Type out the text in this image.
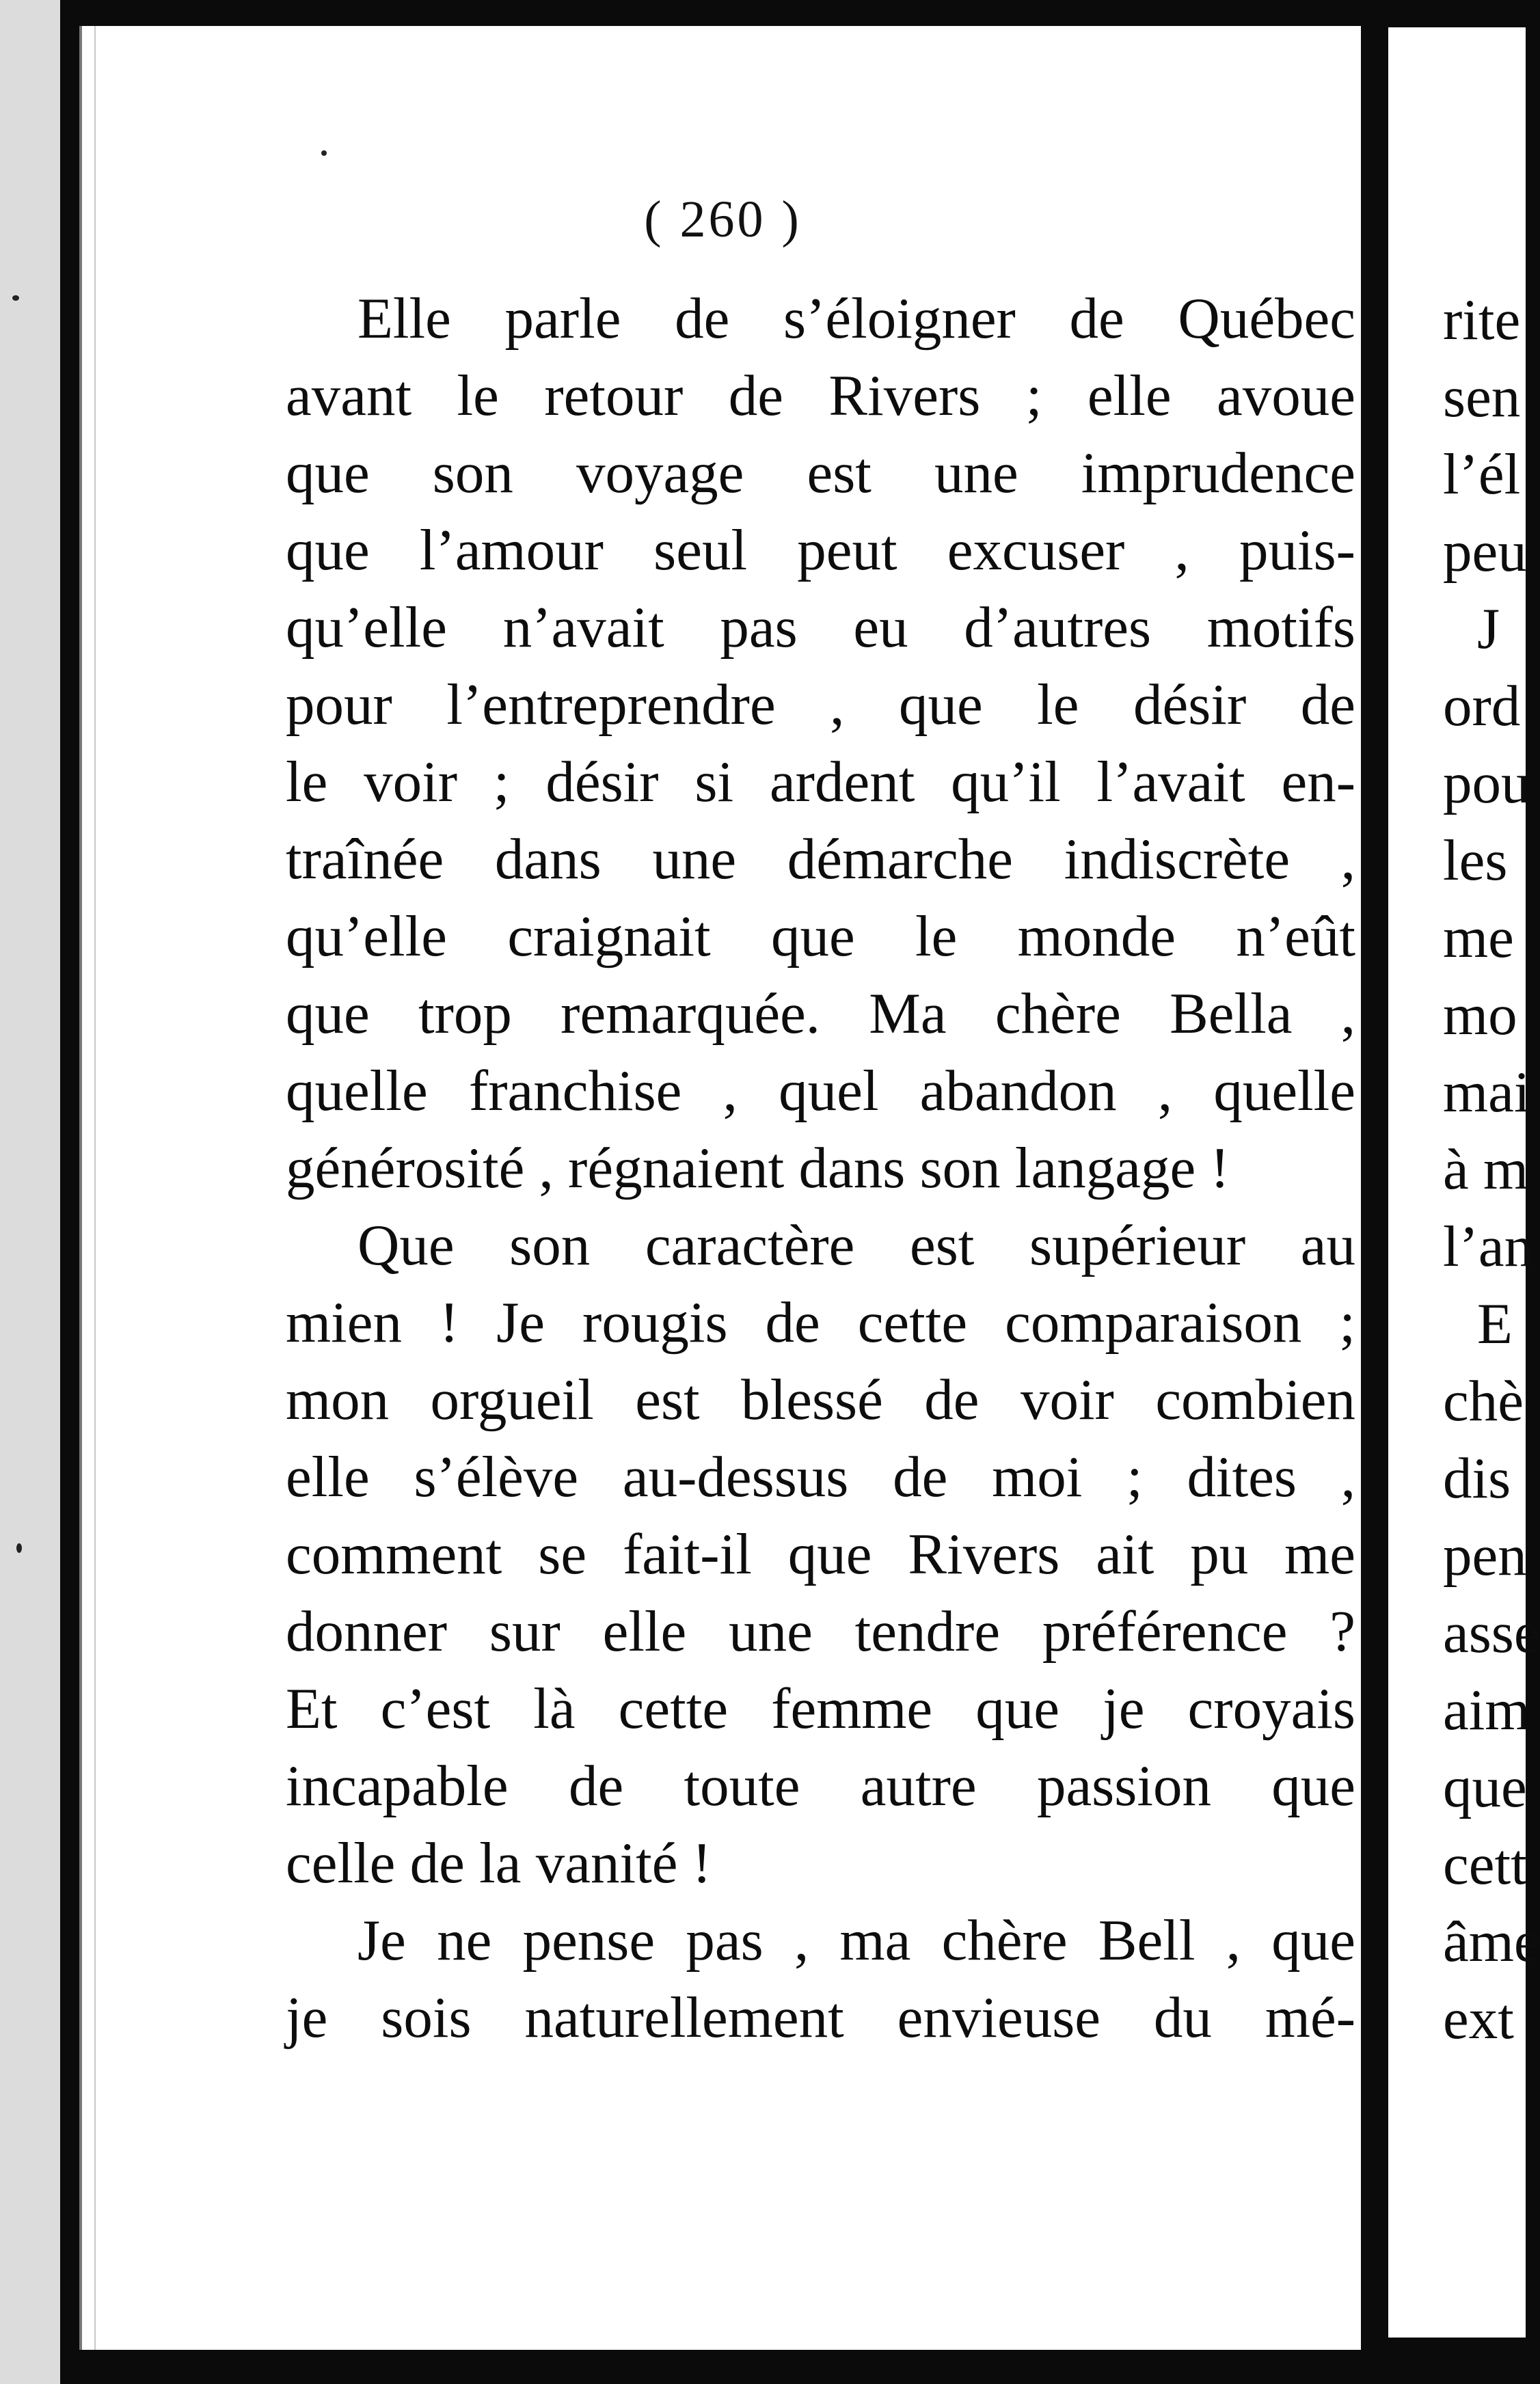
( 260 )
Elle parle de s’éloigner de Québec
avant le retour de Rivers ; elle avoue
que son voyage est une imprudence
que l’amour seul peut excuser , puis-
qu’elle n’avait pas eu d’autres motifs
pour l’entreprendre , que le désir de
le voir ; désir si ardent qu’il l’avait en-
traînée dans une démarche indiscrète ,
qu’elle craignait que le monde n’eût
que trop remarquée. Ma chère Bella ,
quelle franchise , quel abandon , quelle
générosité , régnaient dans son langage !
Que son caractère est supérieur au
mien ! Je rougis de cette comparaison ;
mon orgueil est blessé de voir combien
elle s’élève au-dessus de moi ; dites ,
comment se fait-il que Rivers ait pu me
donner sur elle une tendre préférence ?
Et c’est là cette femme que je croyais
incapable de toute autre passion que
celle de la vanité !
Je ne pense pas , ma chère Bell , que
je sois naturellement envieuse du mé-
rite
sen
l’él
peu
J
ord
pou
les
me
mo
mai
à m
l’an
E
chè
dis
pen
asse
aim
que
cett
âme
ext
